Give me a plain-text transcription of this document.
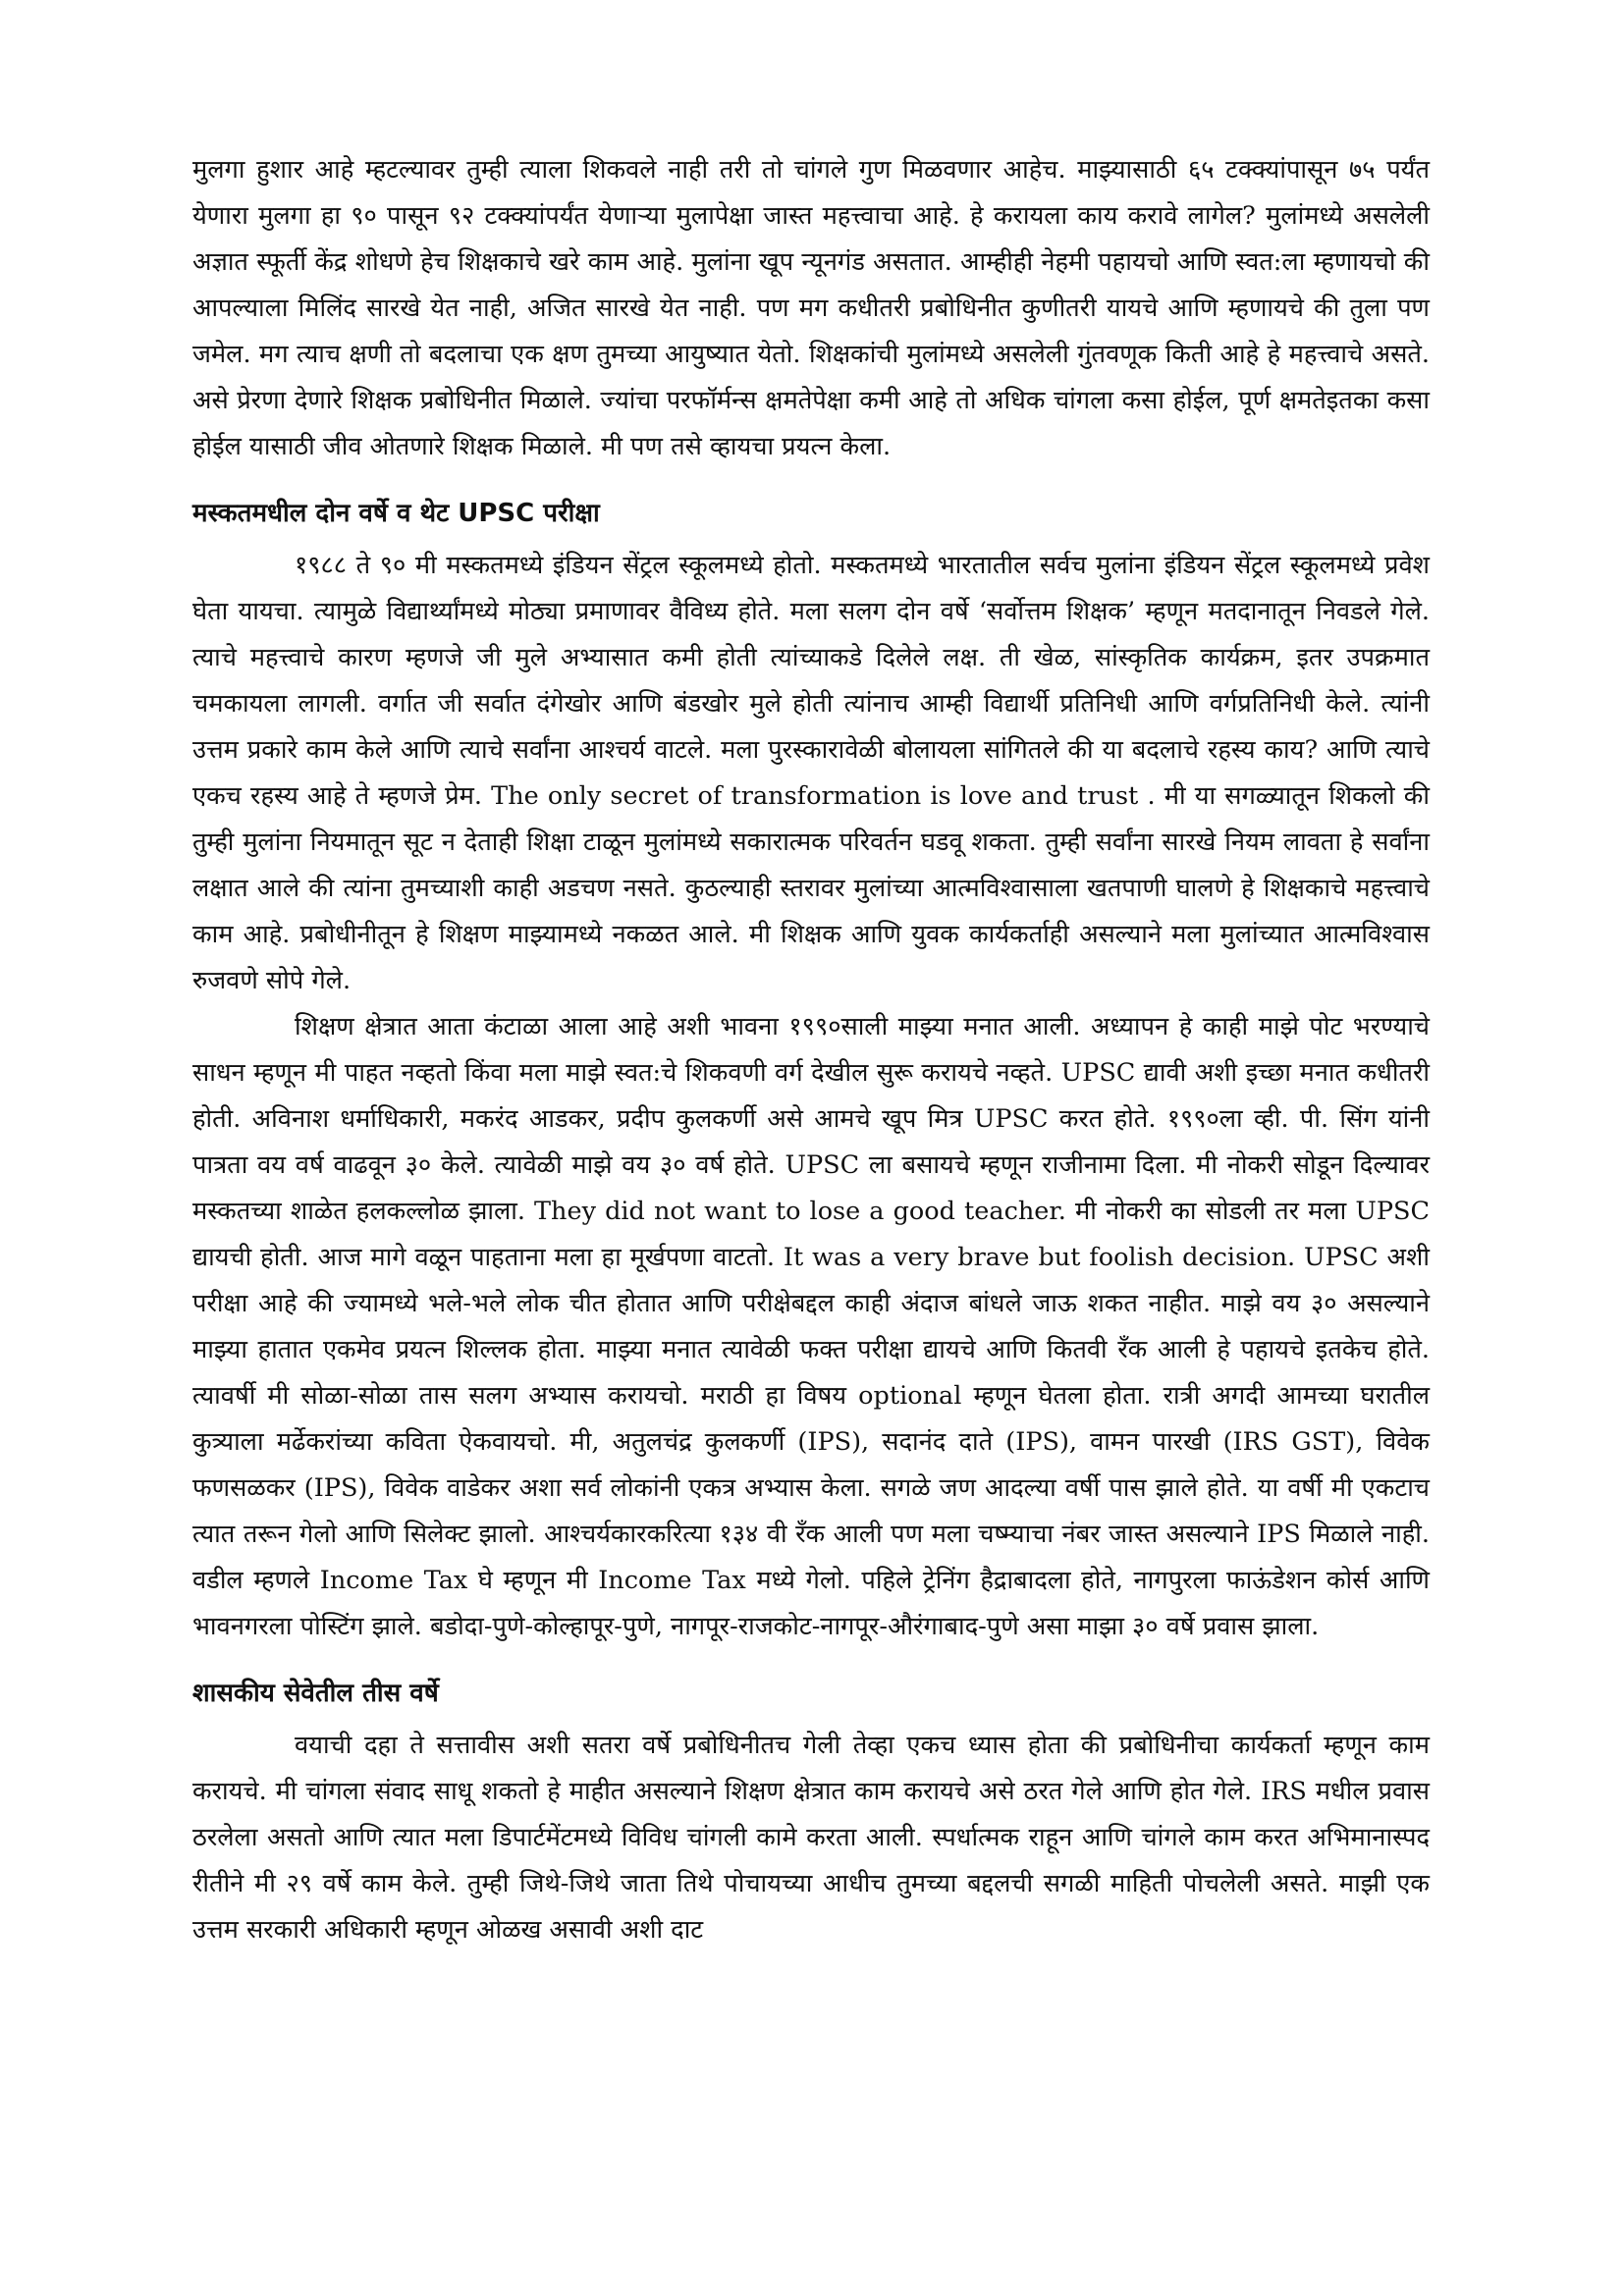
मुलगा हुशार आहे म्हटल्यावर तुम्ही त्याला शिकवले नाही तरी तो चांगले गुण मिळवणार आहेच. माझ्यासाठी ६५ टक्क्यांपासून ७५ पर्यंत येणारा मुलगा हा ९० पासून ९२ टक्क्यांपर्यंत येणाऱ्या मुलापेक्षा जास्त महत्त्वाचा आहे. हे करायला काय करावे लागेल? मुलांमध्ये असलेली अज्ञात स्फूर्ती केंद्र शोधणे हेच शिक्षकाचे खरे काम आहे. मुलांना खूप न्यूनगंड असतात. आम्हीही नेहमी पहायचो आणि स्वत:ला म्हणायचो की आपल्याला मिलिंद सारखे येत नाही, अजित सारखे येत नाही. पण मग कधीतरी प्रबोधिनीत कुणीतरी यायचे आणि म्हणायचे की तुला पण जमेल. मग त्याच क्षणी तो बदलाचा एक क्षण तुमच्या आयुष्यात येतो. शिक्षकांची मुलांमध्ये असलेली गुंतवणूक किती आहे हे महत्त्वाचे असते. असे प्रेरणा देणारे शिक्षक प्रबोधिनीत मिळाले. ज्यांचा परफॉर्मन्स क्षमतेपेक्षा कमी आहे तो अधिक चांगला कसा होईल, पूर्ण क्षमतेइतका कसा होईल यासाठी जीव ओतणारे शिक्षक मिळाले. मी पण तसे व्हायचा प्रयत्न केला.

मस्कतमधील दोन वर्षे व थेट UPSC परीक्षा

१९८८ ते ९० मी मस्कतमध्ये इंडियन सेंट्रल स्कूलमध्ये होतो. मस्कतमध्ये भारतातील सर्वच मुलांना इंडियन सेंट्रल स्कूलमध्ये प्रवेश घेता यायचा. त्यामुळे विद्यार्थ्यांमध्ये मोठ्या प्रमाणावर वैविध्य होते. मला सलग दोन वर्षे ‘सर्वोत्तम शिक्षक’ म्हणून मतदानातून निवडले गेले. त्याचे महत्त्वाचे कारण म्हणजे जी मुले अभ्यासात कमी होती त्यांच्याकडे दिलेले लक्ष. ती खेळ, सांस्कृतिक कार्यक्रम, इतर उपक्रमात चमकायला लागली. वर्गात जी सर्वात दंगेखोर आणि बंडखोर मुले होती त्यांनाच आम्ही विद्यार्थी प्रतिनिधी आणि वर्गप्रतिनिधी केले. त्यांनी उत्तम प्रकारे काम केले आणि त्याचे सर्वांना आश्चर्य वाटले. मला पुरस्कारावेळी बोलायला सांगितले की या बदलाचे रहस्य काय? आणि त्याचे एकच रहस्य आहे ते म्हणजे प्रेम. The only secret of transformation is love and trust . मी या सगळ्यातून शिकलो की तुम्ही मुलांना नियमातून सूट न देताही शिक्षा टाळून मुलांमध्ये सकारात्मक परिवर्तन घडवू शकता. तुम्ही सर्वांना सारखे नियम लावता हे सर्वांना लक्षात आले की त्यांना तुमच्याशी काही अडचण नसते. कुठल्याही स्तरावर मुलांच्या आत्मविश्वासाला खतपाणी घालणे हे शिक्षकाचे महत्त्वाचे काम आहे. प्रबोधीनीतून हे शिक्षण माझ्यामध्ये नकळत आले. मी शिक्षक आणि युवक कार्यकर्ताही असल्याने मला मुलांच्यात आत्मविश्वास रुजवणे सोपे गेले.

शिक्षण क्षेत्रात आता कंटाळा आला आहे अशी भावना १९९०साली माझ्या मनात आली. अध्यापन हे काही माझे पोट भरण्याचे साधन म्हणून मी पाहत नव्हतो किंवा मला माझे स्वत:चे शिकवणी वर्ग देखील सुरू करायचे नव्हते. UPSC द्यावी अशी इच्छा मनात कधीतरी होती. अविनाश धर्माधिकारी, मकरंद आडकर, प्रदीप कुलकर्णी असे आमचे खूप मित्र UPSC करत होते. १९९०ला व्ही. पी. सिंग यांनी पात्रता वय वर्ष वाढवून ३० केले. त्यावेळी माझे वय ३० वर्ष होते. UPSC ला बसायचे म्हणून राजीनामा दिला. मी नोकरी सोडून दिल्यावर मस्कतच्या शाळेत हलकल्लोळ झाला. They did not want to lose a good teacher. मी नोकरी का सोडली तर मला UPSC द्यायची होती. आज मागे वळून पाहताना मला हा मूर्खपणा वाटतो. It was a very brave but foolish decision. UPSC अशी परीक्षा आहे की ज्यामध्ये भले-भले लोक चीत होतात आणि परीक्षेबद्दल काही अंदाज बांधले जाऊ शकत नाहीत. माझे वय ३० असल्याने माझ्या हातात एकमेव प्रयत्न शिल्लक होता. माझ्या मनात त्यावेळी फक्त परीक्षा द्यायचे आणि कितवी रँक आली हे पहायचे इतकेच होते. त्यावर्षी मी सोळा-सोळा तास सलग अभ्यास करायचो. मराठी हा विषय optional म्हणून घेतला होता. रात्री अगदी आमच्या घरातील कुत्र्याला मर्ढेकरांच्या कविता ऐकवायचो. मी, अतुलचंद्र कुलकर्णी (IPS), सदानंद दाते (IPS), वामन पारखी (IRS GST), विवेक फणसळकर (IPS), विवेक वाडेकर अशा सर्व लोकांनी एकत्र अभ्यास केला. सगळे जण आदल्या वर्षी पास झाले होते. या वर्षी मी एकटाच त्यात तरून गेलो आणि सिलेक्ट झालो. आश्चर्यकारकरित्या १३४ वी रँक आली पण मला चष्म्याचा नंबर जास्त असल्याने IPS मिळाले नाही. वडील म्हणले Income Tax घे म्हणून मी Income Tax मध्ये गेलो. पहिले ट्रेनिंग हैद्राबादला होते, नागपुरला फाऊंडेशन कोर्स आणि भावनगरला पोस्टिंग झाले. बडोदा-पुणे-कोल्हापूर-पुणे, नागपूर-राजकोट-नागपूर-औरंगाबाद-पुणे असा माझा ३० वर्षे प्रवास झाला.

शासकीय सेवेतील तीस वर्षे

वयाची दहा ते सत्तावीस अशी सतरा वर्षे प्रबोधिनीतच गेली तेव्हा एकच ध्यास होता की प्रबोधिनीचा कार्यकर्ता म्हणून काम करायचे. मी चांगला संवाद साधू शकतो हे माहीत असल्याने शिक्षण क्षेत्रात काम करायचे असे ठरत गेले आणि होत गेले. IRS मधील प्रवास ठरलेला असतो आणि त्यात मला डिपार्टमेंटमध्ये विविध चांगली कामे करता आली. स्पर्धात्मक राहून आणि चांगले काम करत अभिमानास्पद रीतीने मी २९ वर्षे काम केले. तुम्ही जिथे-जिथे जाता तिथे पोचायच्या आधीच तुमच्या बद्दलची सगळी माहिती पोचलेली असते. माझी एक उत्तम सरकारी अधिकारी म्हणून ओळख असावी अशी दाट
